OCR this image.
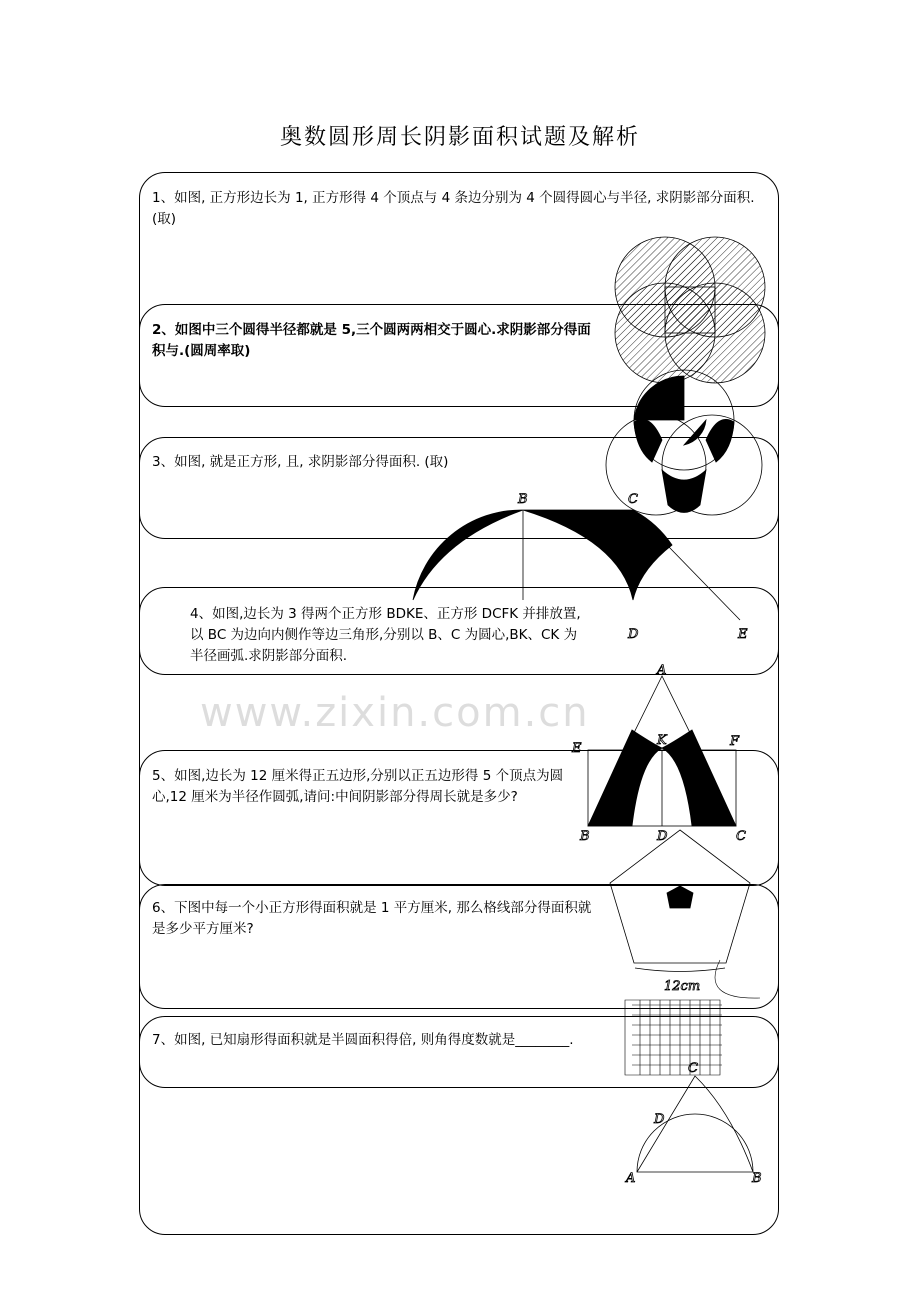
奥数圆形周长阴影面积试题及解析
www.zixin.com.cn
1、如图, 正方形边长为 1, 正方形得 4 个顶点与 4 条边分别为 4 个圆得圆心与半径, 求阴影部分面积. (取)
2、如图中三个圆得半径都就是 5,三个圆两两相交于圆心.求阴影部分得面积与.(圆周率取)
3、如图, 就是正方形, 且, 求阴影部分得面积. (取)
4、如图,边长为 3 得两个正方形 BDKE、正方形 DCFK 并排放置,以 BC 为边向内侧作等边三角形,分别以 B、C 为圆心,BK、CK 为半径画弧.求阴影部分面积.
5、如图,边长为 12 厘米得正五边形,分别以正五边形得 5 个顶点为圆心,12 厘米为半径作圆弧,请问:中间阴影部分得周长就是多少?
6、下图中每一个小正方形得面积就是 1 平方厘米, 那么格线部分得面积就是多少平方厘米?
7、如图, 已知扇形得面积就是半圆面积得倍, 则角得度数就是________.
B	C
D	E
A
K
E	F
B	D	C
12cm
C
D
A	B
